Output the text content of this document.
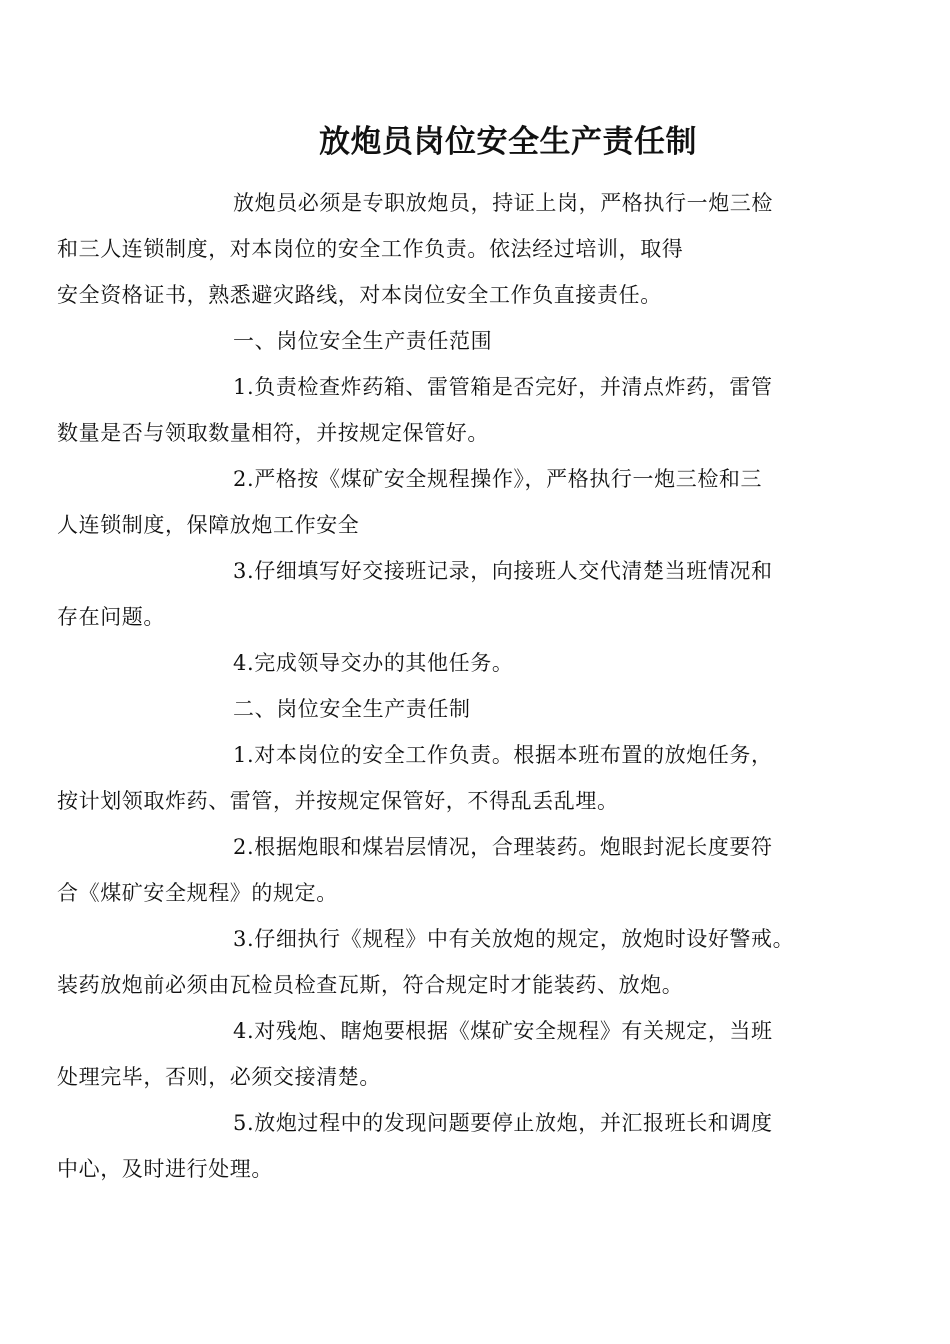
放炮员岗位安全生产责任制
放炮员必须是专职放炮员，持证上岗，严格执行一炮三检
和三人连锁制度，对本岗位的安全工作负责。依法经过培训，取得
安全资格证书，熟悉避灾路线，对本岗位安全工作负直接责任。
一、岗位安全生产责任范围
1.负责检查炸药箱、雷管箱是否完好，并清点炸药，雷管
数量是否与领取数量相符，并按规定保管好。
2.严格按《煤矿安全规程操作》，严格执行一炮三检和三
人连锁制度，保障放炮工作安全
3.仔细填写好交接班记录，向接班人交代清楚当班情况和
存在问题。
4.完成领导交办的其他任务。
二、岗位安全生产责任制
1.对本岗位的安全工作负责。根据本班布置的放炮任务，
按计划领取炸药、雷管，并按规定保管好，不得乱丢乱埋。
2.根据炮眼和煤岩层情况，合理装药。炮眼封泥长度要符
合《煤矿安全规程》的规定。
3.仔细执行《规程》中有关放炮的规定，放炮时设好警戒。
装药放炮前必须由瓦检员检查瓦斯，符合规定时才能装药、放炮。
4.对残炮、瞎炮要根据《煤矿安全规程》有关规定，当班
处理完毕，否则，必须交接清楚。
5.放炮过程中的发现问题要停止放炮，并汇报班长和调度
中心，及时进行处理。
